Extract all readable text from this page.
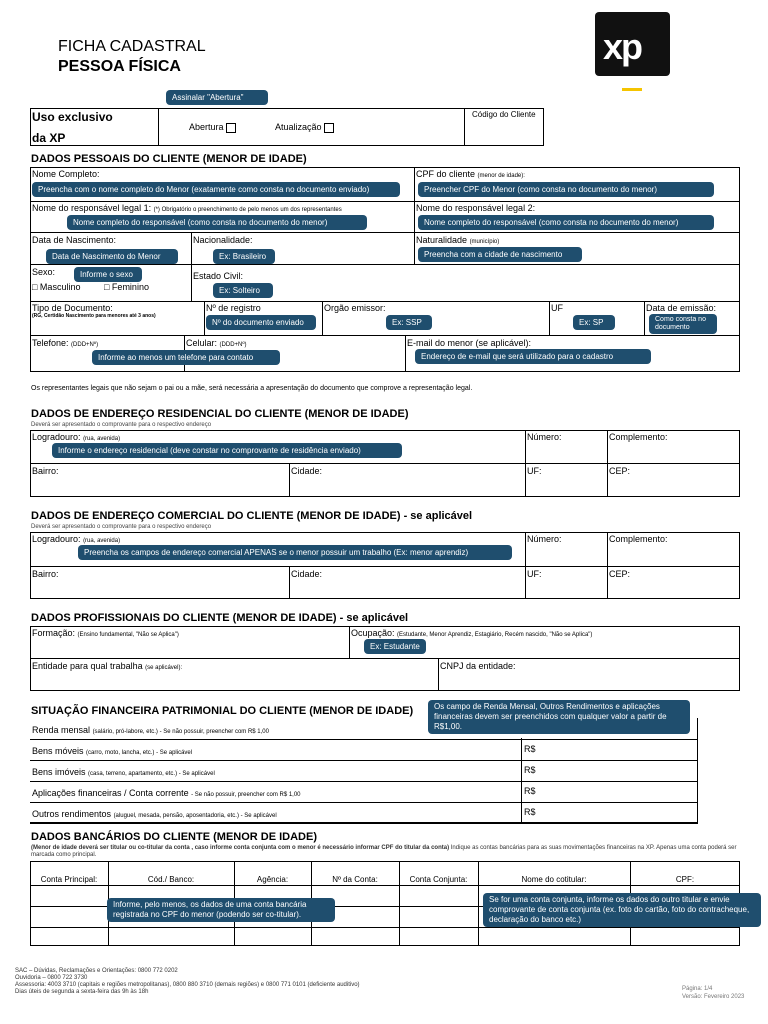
FICHA CADASTRAL
PESSOA FÍSICA	xp
Assinalar "Abertura"
Uso exclusivo
da XP
Abertura	Atualização
Código do Cliente
DADOS PESSOAIS DO CLIENTE (MENOR DE IDADE)
Nome Completo:
Preencha com o nome completo do Menor (exatamente como consta no documento enviado)
CPF do cliente (menor de idade):
Preencher CPF do Menor (como consta no documento do menor)
Nome do responsável legal 1: (*) Obrigatório o preenchimento de pelo menos um dos representantes
Nome completo do responsável (como consta no documento do menor)
Nome do responsável legal 2:
Nome completo do responsável (como consta no documento do menor)
Data de Nascimento:
Data de Nascimento do Menor
Nacionalidade:
Ex: Brasileiro
Naturalidade (município)
Preencha com a cidade de nascimento
Sexo:	Informe o sexo
□ Masculino	□ Feminino
Estado Civil:
Ex: Solteiro
Tipo de Documento:
(RG, Certidão Nascimento para menores até 3 anos)
Nº de registro
Nº do documento enviado
Orgão emissor:
Ex: SSP
UF
Ex: SP
Data de emissão:
Como consta no documento
Telefone: (DDD+Nº)
Informe ao menos um telefone para contato
Celular: (DDD+Nº)	E-mail do menor (se aplicável):
Endereço de e-mail que será utilizado para o cadastro
Os representantes legais que não sejam o pai ou a mãe, será necessária a apresentação do documento que comprove a representação legal.
DADOS DE ENDEREÇO RESIDENCIAL DO CLIENTE (MENOR DE IDADE)
Deverá ser apresentado o comprovante para o respectivo endereço
Logradouro: (rua, avenida)
Informe o endereço residencial (deve constar no comprovante de residência enviado)
Número:	Complemento:
Bairro:	Cidade:	UF:	CEP:
DADOS DE ENDEREÇO COMERCIAL DO CLIENTE (MENOR DE IDADE) - se aplicável
Deverá ser apresentado o comprovante para o respectivo endereço
Logradouro: (rua, avenida)
Preencha os campos de endereço comercial APENAS se o menor possuir um trabalho (Ex: menor aprendiz)
Número:	Complemento:
Bairro:	Cidade:	UF:	CEP:
DADOS PROFISSIONAIS DO CLIENTE (MENOR DE IDADE) - se aplicável
Formação: (Ensino fundamental, "Não se Aplica")	Ocupação: (Estudante, Menor Aprendiz, Estagiário, Recém nascido, "Não se Aplica")
Ex: Estudante
Entidade para qual trabalha (se aplicável):	CNPJ da entidade:
SITUAÇÃO FINANCEIRA PATRIMONIAL DO CLIENTE (MENOR DE IDADE)	Os campo de Renda Mensal, Outros Rendimentos e aplicações financeiras devem ser preenchidos com qualquer valor a partir de R$1,00.
Renda mensal (salário, pró-labore, etc.) - Se não possuir, preencher com R$ 1,00
Bens móveis (carro, moto, lancha, etc.) - Se aplicável	R$
Bens imóveis (casa, terreno, apartamento, etc.) - Se aplicável	R$
Aplicações financeiras / Conta corrente - Se não possuir, preencher com R$ 1,00	R$
Outros rendimentos (aluguel, mesada, pensão, aposentadoria, etc.) - Se aplicável	R$
DADOS BANCÁRIOS DO CLIENTE (MENOR DE IDADE)
(Menor de idade deverá ser titular ou co-titular da conta , caso informe conta conjunta com o menor é necessário informar CPF do titular da conta) Indique as contas bancárias para as suas movimentações financeiras na XP. Apenas uma conta poderá ser marcada como principal.
Conta Principal:	Cód./ Banco:	Agência:	Nº da Conta:	Conta Conjunta:	Nome do cotitular:	CPF:
Informe, pelo menos, os dados de uma conta bancária registrada no CPF do menor (podendo ser co-titular).
Se for uma conta conjunta, informe os dados do outro titular e envie comprovante de conta conjunta (ex. foto do cartão, foto do contracheque, declaração do banco etc.)
SAC – Dúvidas, Reclamações e Orientações: 0800 772 0202
Ouvidoria – 0800 722 3730
Assessoria: 4003 3710 (capitais e regiões metropolitanas), 0800 880 3710 (demais regiões) e 0800 771 0101 (deficiente auditivo)
Dias úteis de segunda a sexta-feira das 9h às 18h	Página: 1/4
Versão: Fevereiro 2023
